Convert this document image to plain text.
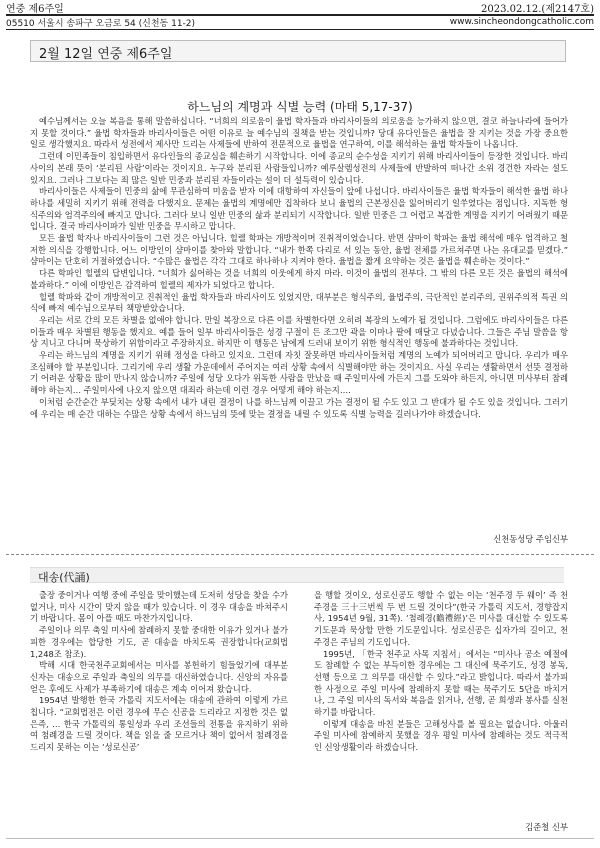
연중 제6주일	2023.02.12.(제2147호)
05510 서울시 송파구 오금로 54 (신천동 11-2)	www.sincheondongcatholic.com
2월 12일 연중 제6주일
하느님의 계명과 식별 능력 (마태 5,17-37)

예수님께서는 오늘 복음을 통해 말씀하십니다. “너희의 의로움이 율법 학자들과 바리사이들의 의로움을 능가하지 않으면, 결코 하늘나라에 들어가지 못할 것이다.” 율법 학자들과 바리사이들은 어떤 이유로 늘 예수님의 질책을 받는 것입니까? 당대 유다인들은 율법을 잘 지키는 것을 가장 중요한 일로 생각했지요. 따라서 성전에서 제사만 드리는 사제들에 반하여 전문적으로 율법을 연구하여, 이를 해석하는 율법 학자들이 나옵니다.

그런데 이민족들이 침입하면서 유다인들의 종교심을 훼손하기 시작합니다. 이에 종교의 순수성을 지키기 위해 바리사이들이 등장한 것입니다. 바리사이의 본래 뜻이 ‘분리된 사람’이라는 것이지요. 누구와 분리된 사람들입니까? 예루살렘성전의 사제들에 반발하여 떠나간 소위 경건한 자라는 설도 있지요. 그러나 그보다는 죄 많은 일반 민중과 분리된 자들이라는 설이 더 설득력이 있습니다.

바리사이들은 사제들이 민중의 삶에 무관심하여 미움을 받자 이에 대항하여 자신들이 앞에 나섭니다. 바리사이들은 율법 학자들이 해석한 율법 하나하나를 세밀히 지키기 위해 전력을 다했지요. 문제는 율법의 계명에만 집착하다 보니 율법의 근본정신을 잃어버리기 일쑤였다는 점입니다. 지독한 형식주의와 엄격주의에 빠지고 맙니다. 그러다 보니 일반 민중의 삶과 분리되기 시작합니다. 일반 민중은 그 어렵고 복잡한 계명을 지키기 어려웠기 때문입니다. 결국 바리사이파가 일반 민중을 무시하고 맙니다.

모든 율법 학자나 바리사이들이 그런 것은 아닙니다. 힐렐 학파는 개방적이며 진취적이었습니다. 반면 샴마이 학파는 율법 해석에 매우 엄격하고 철저한 의식을 강행합니다. 어느 이방인이 샴마이를 찾아와 말합니다. “내가 한쪽 다리로 서 있는 동안, 율법 전체를 가르쳐주면 나는 유대교를 믿겠다.” 샴마이는 단호히 거절하였습니다. “수많은 율법은 각각 그대로 하나하나 지켜야 한다. 율법을 짧게 요약하는 것은 율법을 훼손하는 것이다.”

다른 학파인 힐렐의 답변입니다. “너희가 싫어하는 것을 너희의 이웃에게 하지 마라. 이것이 율법의 전부다. 그 밖의 다른 모든 것은 율법의 해석에 불과하다.” 이에 이방인은 감격하여 힐렐의 제자가 되었다고 합니다.

힐렐 학파와 같이 개방적이고 진취적인 율법 학자들과 바리사이도 있었지만, 대부분은 형식주의, 율법주의, 극단적인 분리주의, 권위주의적 특권 의식에 빠져 예수님으로부터 책망받았습니다.

우리는 서로 간의 모든 차별을 없애야 합니다. 만일 복장으로 다른 이를 차별한다면 오히려 복장의 노예가 될 것입니다. 그럼에도 바리사이들은 다른 이들과 매우 차별된 행동을 했지요. 예를 들어 일부 바리사이들은 성경 구절이 든 조그만 곽을 이마나 팔에 매달고 다녔습니다. 그들은 주님 말씀을 항상 지니고 다니며 묵상하기 위함이라고 주장하지요. 하지만 이 행동은 남에게 드러내 보이기 위한 형식적인 행동에 불과하다는 것입니다.

우리는 하느님의 계명을 지키기 위해 정성을 다하고 있지요. 그런데 자칫 잘못하면 바리사이들처럼 계명의 노예가 되어버리고 맙니다. 우리가 매우 조심해야 할 부분입니다. 그리기에 우리 생활 가운데에서 주어지는 여러 상황 속에서 식별해야만 하는 것이지요. 사실 우리는 생활하면서 선뜻 결정하기 어려운 상황을 많이 만나지 않습니까? 주일에 성당 오다가 위독한 사람을 만났을 때 주일미사에 가든지 그를 도와야 하든지, 아니면 미사부터 참례해야 하는지… 주일미사에 나오지 않으면 대죄라 하는데 이런 경우 어떻게 해야 하는지….

이처럼 순간순간 부딪치는 상황 속에서 내가 내린 결정이 나를 하느님께 이끌고 가는 결정이 될 수도 있고 그 반대가 될 수도 있을 것입니다. 그러기에 우리는 매 순간 대하는 수많은 상황 속에서 하느님의 뜻에 맞는 결정을 내릴 수 있도록 식별 능력을 길러나가야 하겠습니다.

신천동성당 주임신부
대송(代誦)

출장 중이거나 여행 중에 주일을 맞이했는데 도저히 성당을 찾을 수가 없거나, 미사 시간이 맞지 않을 때가 있습니다. 이 경우 대송을 바쳐주시기 바랍니다. 몸이 아플 때도 마찬가지입니다.

주일이나 의무 축일 미사에 참례하지 못할 중대한 이유가 있거나 불가피한 경우에는 합당한 기도, 곧 대송을 바치도록 권장합니다(교회법 1,248조 참조).

박해 시대 한국천주교회에서는 미사를 봉헌하기 힘들었기에 대부분 신자는 대송으로 주일과 축일의 의무를 대신하였습니다. 신앙의 자유를 얻은 후에도 사제가 부족하기에 대송은 계속 이어져 왔습니다.

1954년 발행한 한국 가톨릭 지도서에는 대송에 관하여 이렇게 가르칩니다. “교회법전은 이런 경우에 무슨 신공을 드리라고 지정한 것은 없은즉, … 한국 가톨릭의 통일성과 우리 조선들의 전통을 유지하기 위하여 첨례경을 드릴 것이다. 책을 읽을 줄 모르거나 책이 없어서 첨례경을 드리지 못하는 이는 ‘성로신공’

을 행할 것이오, 성로신공도 행할 수 없는 이는 ‘천주경 두 웨이’ 즉 천주경을 三十三번씩 두 번 드릴 것이다”(한국 가톨릭 지도서, 경향잡지사, 1954년 9월, 31쪽). ‘첨례경(瞻禮經)’은 미사를 대신할 수 있도록 기도문과 묵상할 만한 기도문입니다. 성로신공은 십자가의 길이고, 천주경은 주님의 기도입니다.

1995년, 「한국 천주교 사목 지침서」에서는 “미사나 공소 예절에도 참례할 수 없는 부득이한 경우에는 그 대신에 묵주기도, 성경 봉독, 선행 등으로 그 의무를 대신할 수 있다.”라고 밝힙니다. 따라서 불가피한 사정으로 주일 미사에 참례하지 못할 때는 묵주기도 5단을 바치거나, 그 주일 미사의 독서와 복음을 읽거나, 선행, 곧 희생과 봉사를 실천하기를 바랍니다.

이렇게 대송을 바친 분들은 고해성사를 볼 필요는 없습니다. 아울러 주일 미사에 참예하지 못했을 경우 평일 미사에 참례하는 것도 적극적인 신앙생활이라 하겠습니다.

김준철 신부
